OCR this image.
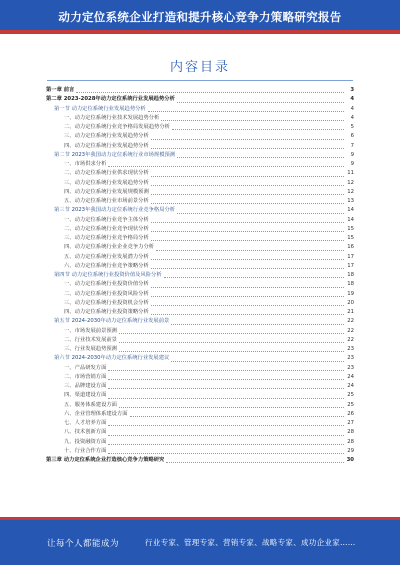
动力定位系统企业打造和提升核心竞争力策略研究报告
内容目录
第一章 前言	3
第二章 2023-2028年动力定位系统行业发展趋势分析	4
第一节 动力定位系统行业发展趋势分析	4
一、动力定位系统行业技术发展趋势分析	4
二、动力定位系统行业竞争格局发展趋势分析	5
三、动力定位系统行业发展趋势分析	6
四、动力定位系统行业发展趋势分析	7
第二节 2023年我国动力定位系统行业市场规模预测	9
一、市场供求分析	9
二、动力定位系统行业供求现状分析	11
三、动力定位系统行业发展趋势分析	12
四、动力定位系统行业发展规模预测	12
五、动力定位系统行业市场前景分析	13
第三节 2023年我国动力定位系统行业竞争格局分析	14
一、动力定位系统行业竞争主体分析	14
二、动力定位系统行业竞争现状分析	15
三、动力定位系统行业竞争格局分析	15
四、动力定位系统行业企业竞争力分析	16
五、动力定位系统行业发展潜力分析	17
六、动力定位系统行业竞争策略分析	17
第四节 动力定位系统行业投资价值及风险分析	18
一、动力定位系统行业投资价值分析	18
二、动力定位系统行业投资风险分析	19
三、动力定位系统行业投资机会分析	20
四、动力定位系统行业投资策略分析	21
第五节 2024-2030年动力定位系统行业发展前景	22
一、市场发展前景预测	22
二、行业技术发展前景	22
三、行业发展趋势预测	23
第六节 2024-2030年动力定位系统行业发展建议	23
一、产品研发方面	23
二、市场营销方面	24
三、品牌建设方面	24
四、渠道建设方面	25
五、服务体系建设方面	25
六、企业管理体系建设方面	26
七、人才培养方面	27
八、技术创新方面	28
九、投资融资方面	28
十、行业合作方面	29
第三章 动力定位系统企业打造核心竞争力策略研究	30
让每个人都能成为	行业专家、管理专家、营销专家、战略专家、成功企业家……
